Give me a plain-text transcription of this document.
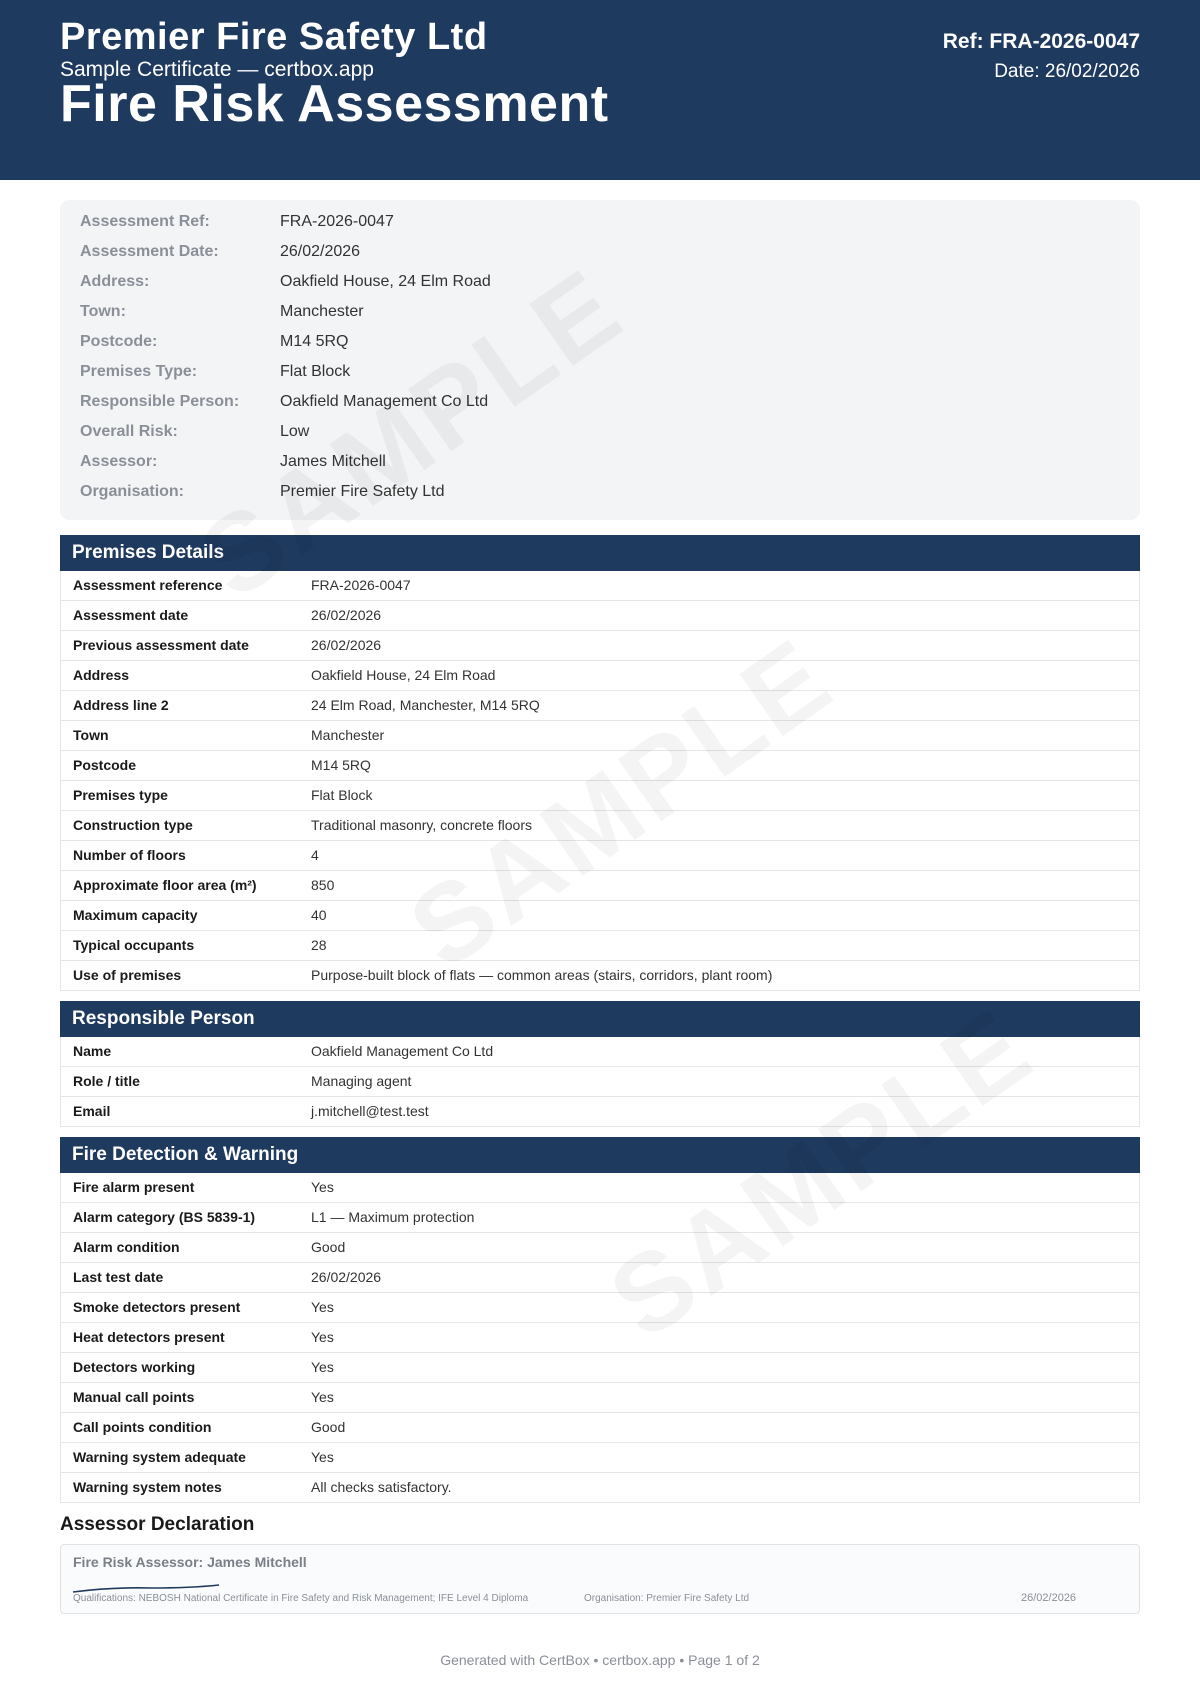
Premier Fire Safety Ltd
Sample Certificate — certbox.app
Fire Risk Assessment
Ref: FRA-2026-0047
Date: 26/02/2026
Assessment Ref:	FRA-2026-0047
Assessment Date:	26/02/2026
Address:	Oakfield House, 24 Elm Road
Town:	Manchester
Postcode:	M14 5RQ
Premises Type:	Flat Block
Responsible Person:	Oakfield Management Co Ltd
Overall Risk:	Low
Assessor:	James Mitchell
Organisation:	Premier Fire Safety Ltd
Premises Details
Assessment reference	FRA-2026-0047
Assessment date	26/02/2026
Previous assessment date	26/02/2026
Address	Oakfield House, 24 Elm Road
Address line 2	24 Elm Road, Manchester, M14 5RQ
Town	Manchester
Postcode	M14 5RQ
Premises type	Flat Block
Construction type	Traditional masonry, concrete floors
Number of floors	4
Approximate floor area (m²)	850
Maximum capacity	40
Typical occupants	28
Use of premises	Purpose-built block of flats — common areas (stairs, corridors, plant room)
Responsible Person
Name	Oakfield Management Co Ltd
Role / title	Managing agent
Email	j.mitchell@test.test
Fire Detection & Warning
Fire alarm present	Yes
Alarm category (BS 5839-1)	L1 — Maximum protection
Alarm condition	Good
Last test date	26/02/2026
Smoke detectors present	Yes
Heat detectors present	Yes
Detectors working	Yes
Manual call points	Yes
Call points condition	Good
Warning system adequate	Yes
Warning system notes	All checks satisfactory.
Assessor Declaration
Fire Risk Assessor: James Mitchell
Qualifications: NEBOSH National Certificate in Fire Safety and Risk Management; IFE Level 4 Diploma	Organisation: Premier Fire Safety Ltd	26/02/2026
Generated with CertBox • certbox.app • Page 1 of 2
